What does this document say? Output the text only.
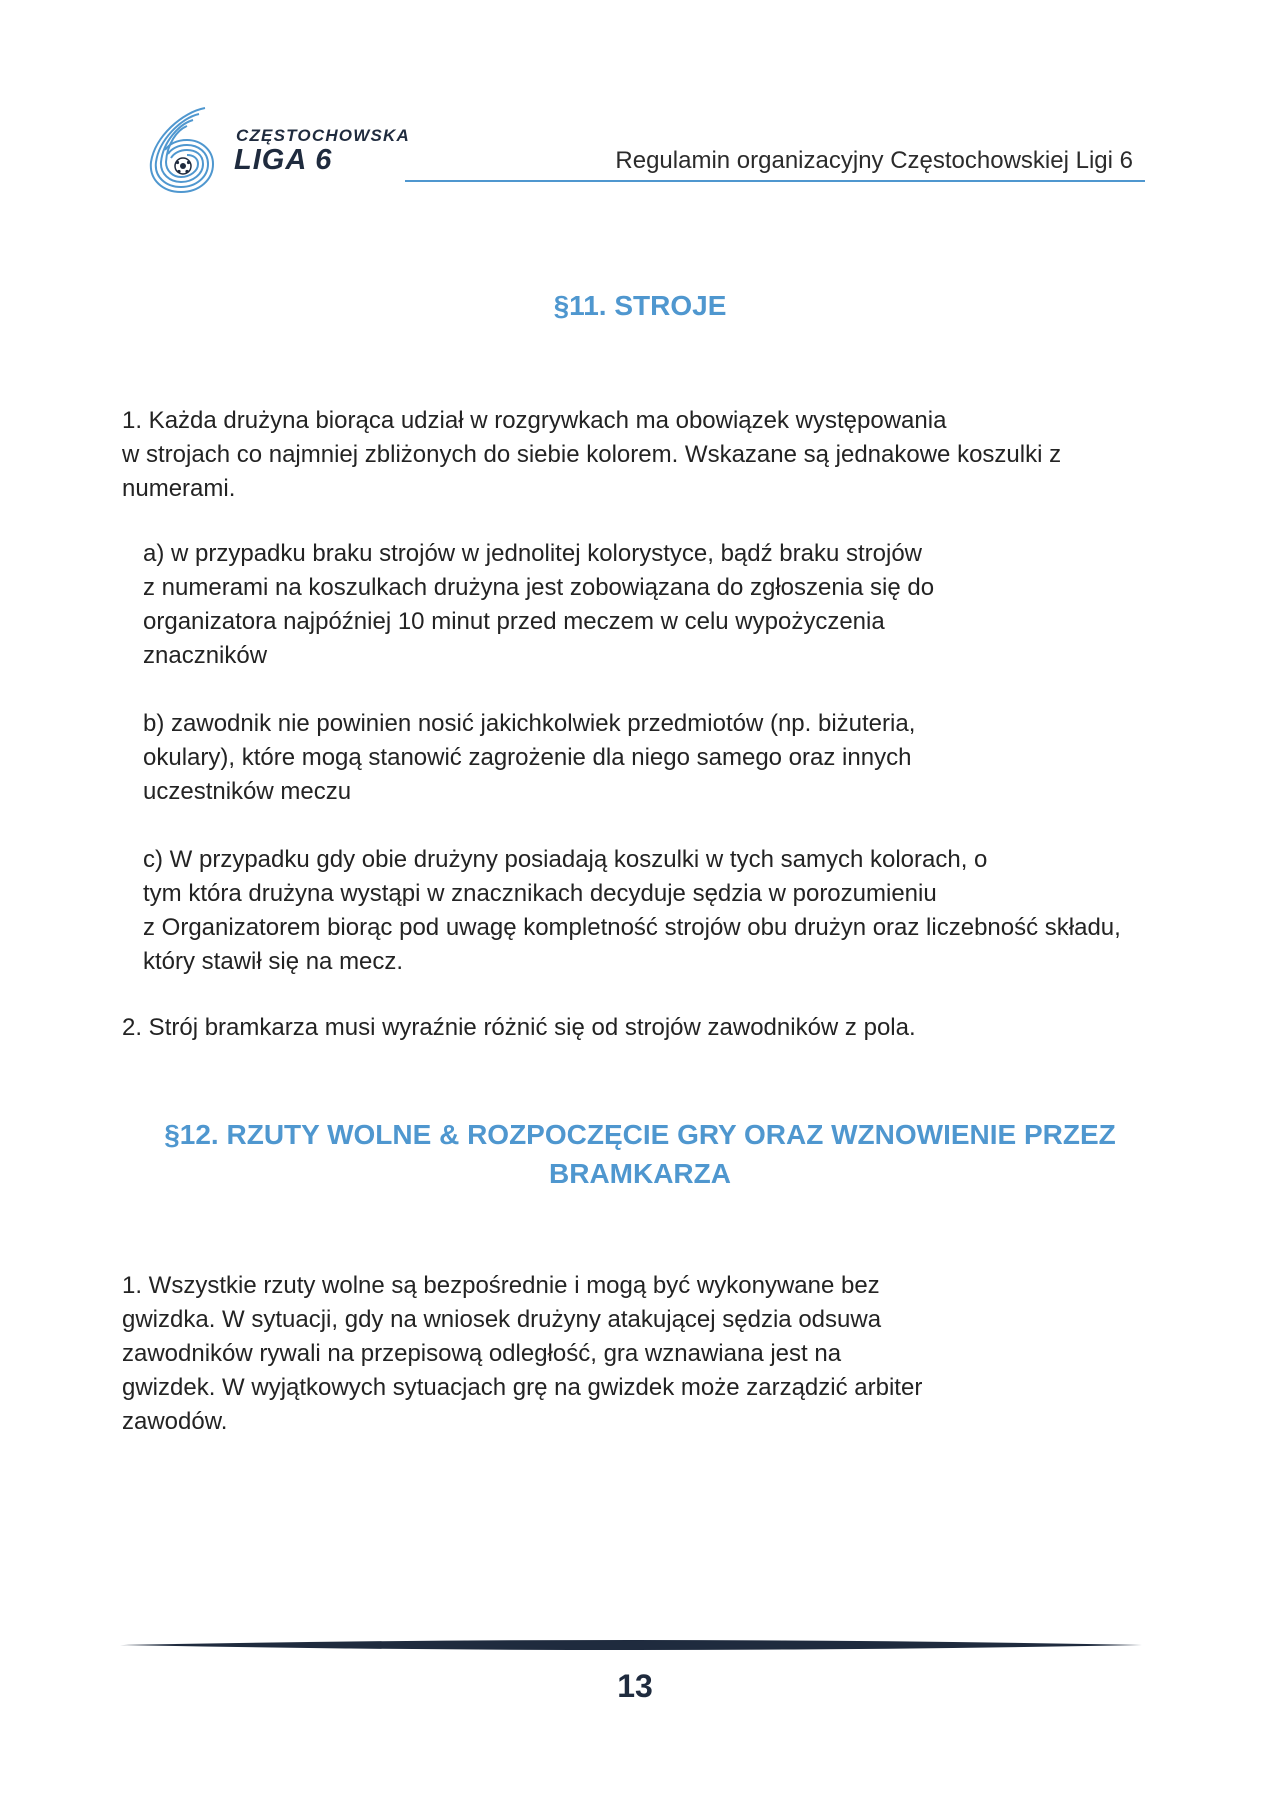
CZĘSTOCHOWSKA
LIGA 6	Regulamin organizacyjny Częstochowskiej Ligi 6
§11. STROJE
1. Każda drużyna biorąca udział w rozgrywkach ma obowiązek występowania
w strojach co najmniej zbliżonych do siebie kolorem. Wskazane są jednakowe koszulki z
numerami.
a) w przypadku braku strojów w jednolitej kolorystyce, bądź braku strojów
z numerami na koszulkach drużyna jest zobowiązana do zgłoszenia się do
organizatora najpóźniej 10 minut przed meczem w celu wypożyczenia
znaczników
b) zawodnik nie powinien nosić jakichkolwiek przedmiotów (np. biżuteria,
okulary), które mogą stanowić zagrożenie dla niego samego oraz innych
uczestników meczu
c) W przypadku gdy obie drużyny posiadają koszulki w tych samych kolorach, o
tym która drużyna wystąpi w znacznikach decyduje sędzia w porozumieniu
z Organizatorem biorąc pod uwagę kompletność strojów obu drużyn oraz liczebność składu,
który stawił się na mecz.
2. Strój bramkarza musi wyraźnie różnić się od strojów zawodników z pola.
§12. RZUTY WOLNE & ROZPOCZĘCIE GRY ORAZ WZNOWIENIE PRZEZ
BRAMKARZA
1. Wszystkie rzuty wolne są bezpośrednie i mogą być wykonywane bez
gwizdka. W sytuacji, gdy na wniosek drużyny atakującej sędzia odsuwa
zawodników rywali na przepisową odległość, gra wznawiana jest na
gwizdek. W wyjątkowych sytuacjach grę na gwizdek może zarządzić arbiter
zawodów.
13
